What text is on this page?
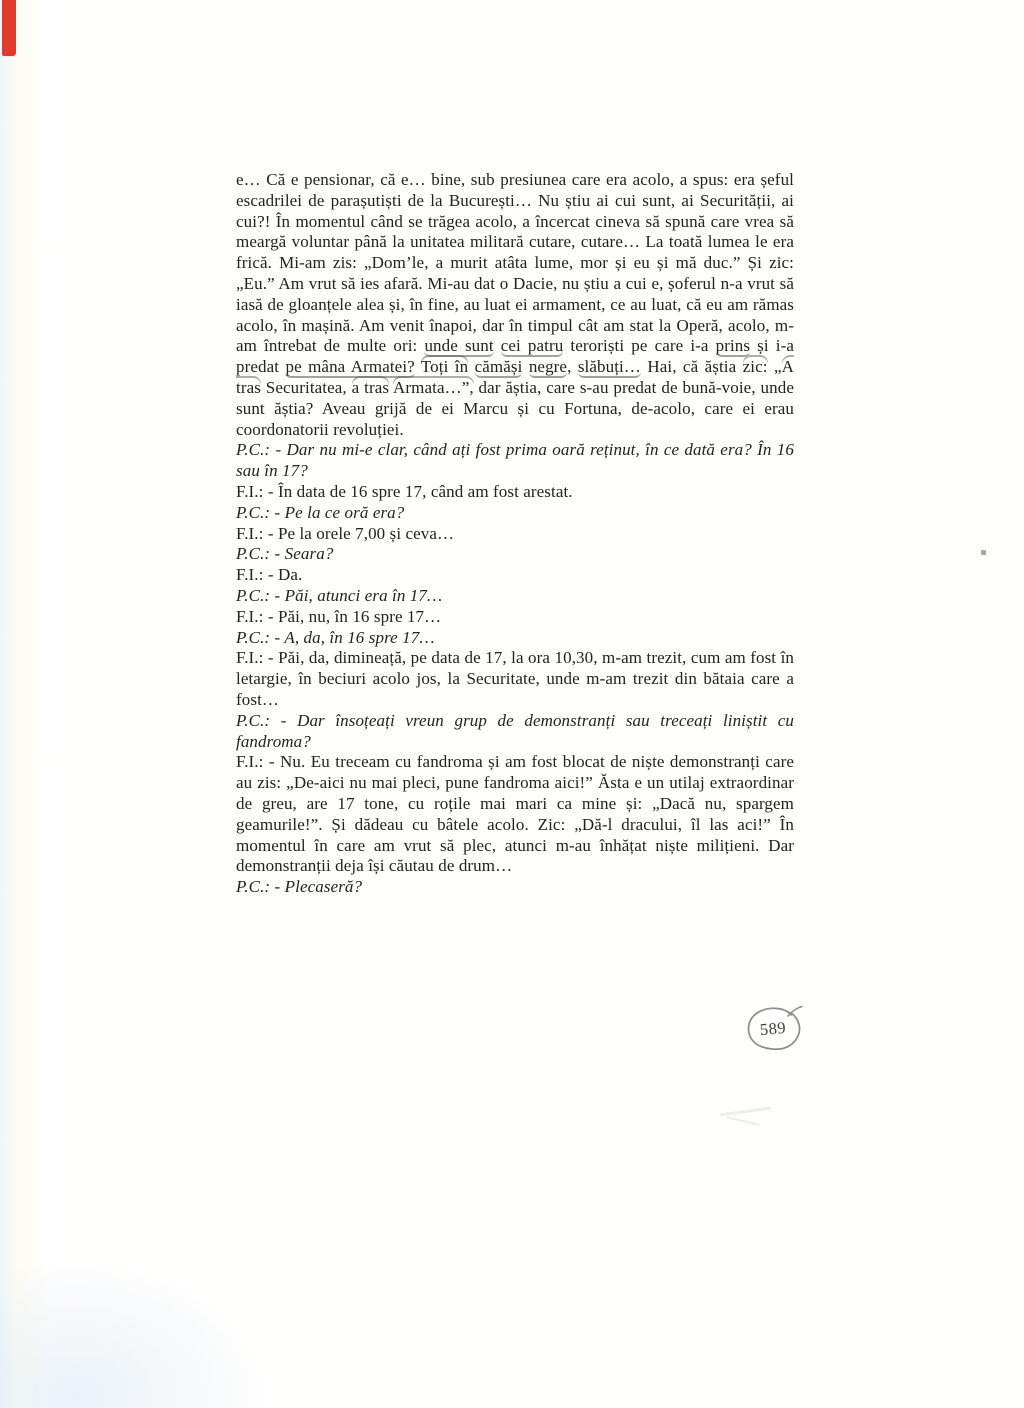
e… Că e pensionar, că e… bine, sub presiunea care era acolo, a spus: era șeful escadrilei de parașutiști de la București… Nu știu ai cui sunt, ai Securității, ai cui?! În momentul când se trăgea acolo, a încercat cineva să spună care vrea să meargă voluntar până la unitatea militară cutare, cutare… La toată lumea le era frică. Mi-am zis: „Dom’le, a murit atâta lume, mor și eu și mă duc.” Și zic: „Eu.” Am vrut să ies afară. Mi-au dat o Dacie, nu știu a cui e, șoferul n-a vrut să iasă de gloanțele alea și, în fine, au luat ei armament, ce au luat, că eu am rămas acolo, în mașină. Am venit înapoi, dar în timpul cât am stat la Operă, acolo, m-am întrebat de multe ori: unde sunt cei patru teroriști pe care i-a prins și i-a predat pe mâna Armatei? Toți în cămăși negre, slăbuți… Hai, că ăștia zic: „A tras Securitatea, a tras Armata…”, dar ăștia, care s-au predat de bună-voie, unde sunt ăștia? Aveau grijă de ei Marcu și cu Fortuna, de-acolo, care ei erau coordonatorii revoluției.

P.C.: - Dar nu mi-e clar, când ați fost prima oară reținut, în ce dată era? În 16 sau în 17?

F.I.: - În data de 16 spre 17, când am fost arestat.

P.C.: - Pe la ce oră era?

F.I.: - Pe la orele 7,00 și ceva…

P.C.: - Seara?

F.I.: - Da.

P.C.: - Păi, atunci era în 17…

F.I.: - Păi, nu, în 16 spre 17…

P.C.: - A, da, în 16 spre 17…

F.I.: - Păi, da, dimineață, pe data de 17, la ora 10,30, m-am trezit, cum am fost în letargie, în beciuri acolo jos, la Securitate, unde m-am trezit din bătaia care a fost…

P.C.: - Dar însoțeați vreun grup de demonstranți sau treceați liniștit cu fandroma?

F.I.: - Nu. Eu treceam cu fandroma și am fost blocat de niște demonstranți care au zis: „De-aici nu mai pleci, pune fandroma aici!” Ăsta e un utilaj extraordinar de greu, are 17 tone, cu roțile mai mari ca mine și: „Dacă nu, spargem geamurile!”. Și dădeau cu bâtele acolo. Zic: „Dă-l dracului, îl las aci!” În momentul în care am vrut să plec, atunci m-au înhățat niște milițieni. Dar demonstranții deja își căutau de drum…

P.C.: - Plecaseră?

589
